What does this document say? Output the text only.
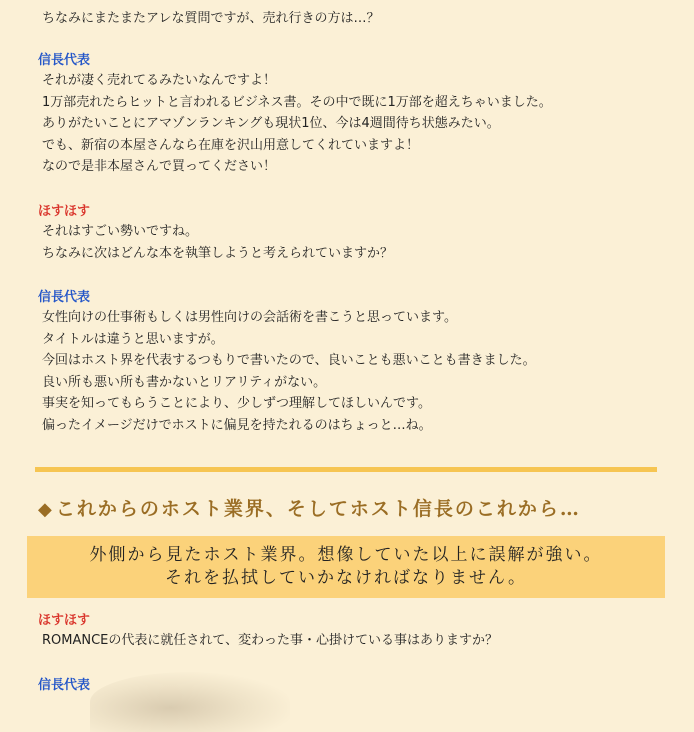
ちなみにまたまたアレな質問ですが、売れ行きの方は…？
信長代表
それが凄く売れてるみたいなんですよ！
1万部売れたらヒットと言われるビジネス書。その中で既に1万部を超えちゃいました。
ありがたいことにアマゾンランキングも現状1位、今は4週間待ち状態みたい。
でも、新宿の本屋さんなら在庫を沢山用意してくれていますよ！
なので是非本屋さんで買ってください！
ほすほす
それはすごい勢いですね。
ちなみに次はどんな本を執筆しようと考えられていますか？
信長代表
女性向けの仕事術もしくは男性向けの会話術を書こうと思っています。
タイトルは違うと思いますが。
今回はホスト界を代表するつもりで書いたので、良いことも悪いことも書きました。
良い所も悪い所も書かないとリアリティがない。
事実を知ってもらうことにより、少しずつ理解してほしいんです。
偏ったイメージだけでホストに偏見を持たれるのはちょっと…ね。
◆ これからのホスト業界、そしてホスト信長のこれから…
外側から見たホスト業界。想像していた以上に誤解が強い。
それを払拭していかなければなりません。
ほすほす
ROMANCEの代表に就任されて、変わった事・心掛けている事はありますか？
信長代表
